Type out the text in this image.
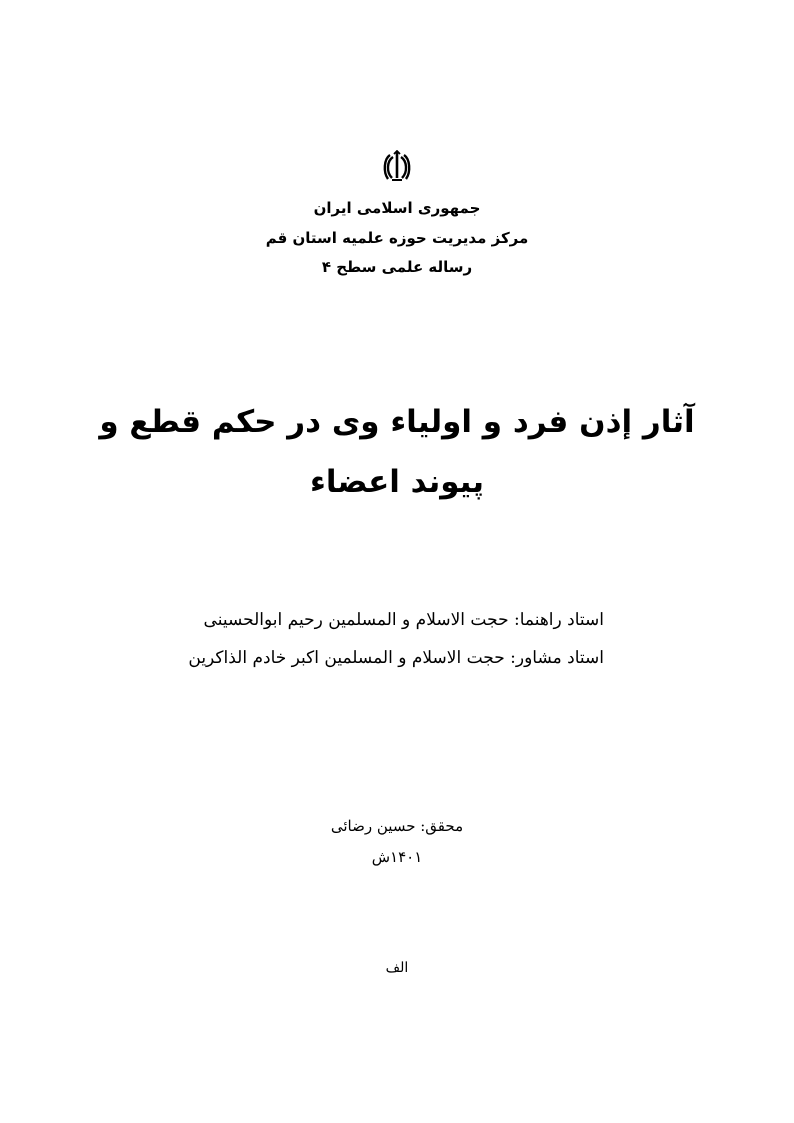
جمهوری اسلامی ایران
مرکز مدیریت حوزه علمیه استان قم
رساله علمی سطح ۴
آثار إذن فرد و اولیاء وی در حکم قطع و
پیوند اعضاء
استاد راهنما: حجت الاسلام و المسلمین رحیم ابوالحسینی
استاد مشاور: حجت الاسلام و المسلمین اکبر خادم الذاکرین
محقق: حسین رضائی
۱۴۰۱ش
الف
